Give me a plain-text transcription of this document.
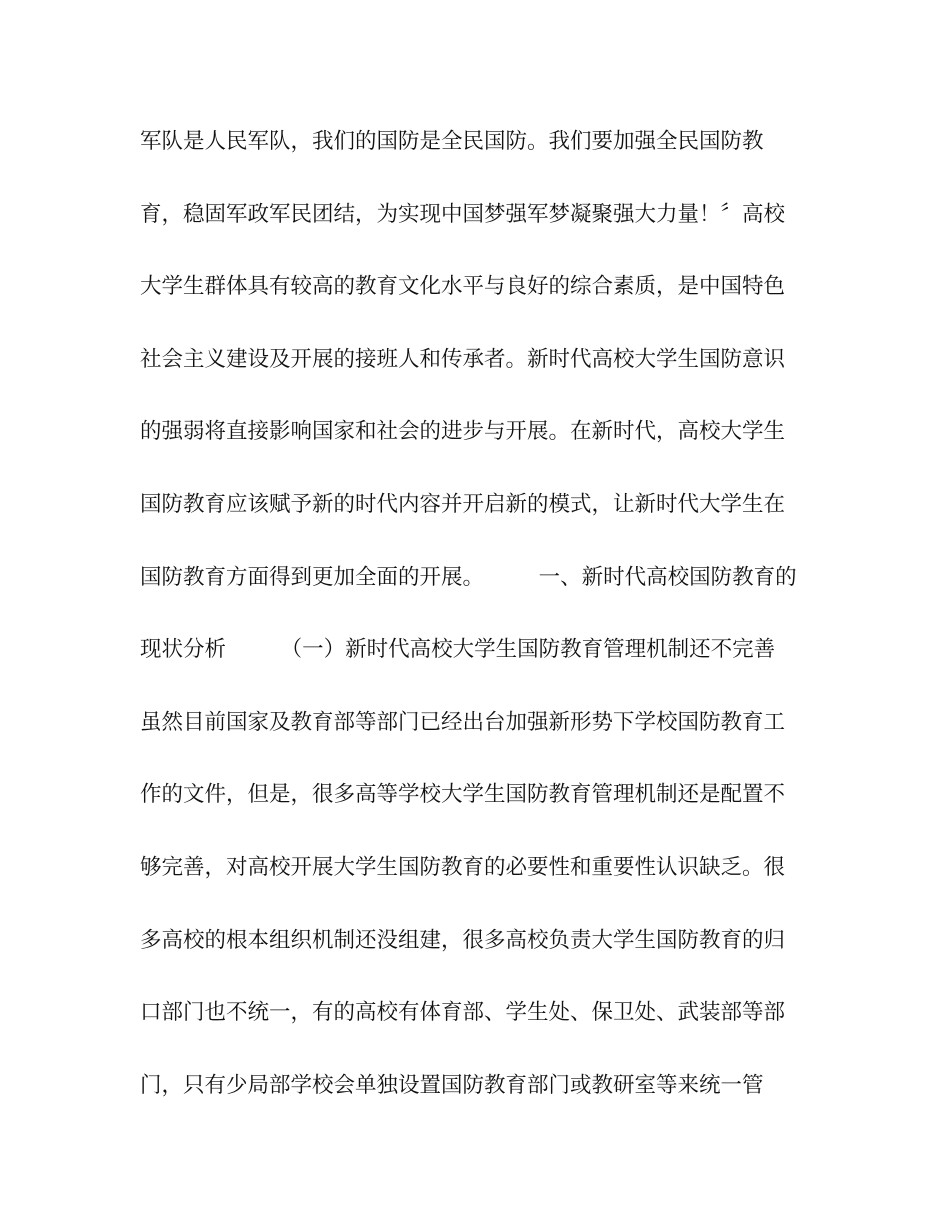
军队是人民军队，我们的国防是全民国防。我们要加强全民国防教
育，稳固军政军民团结，为实现中国梦强军梦凝聚强大力量！〞高校
大学生群体具有较高的教育文化水平与良好的综合素质，是中国特色
社会主义建设及开展的接班人和传承者。新时代高校大学生国防意识
的强弱将直接影响国家和社会的进步与开展。在新时代，高校大学生
国防教育应该赋予新的时代内容并开启新的模式，让新时代大学生在
国防教育方面得到更加全面的开展。        一、新时代高校国防教育的
现状分析        （一）新时代高校大学生国防教育管理机制还不完善
虽然目前国家及教育部等部门已经出台加强新形势下学校国防教育工
作的文件，但是，很多高等学校大学生国防教育管理机制还是配置不
够完善，对高校开展大学生国防教育的必要性和重要性认识缺乏。很
多高校的根本组织机制还没组建，很多高校负责大学生国防教育的归
口部门也不统一，有的高校有体育部、学生处、保卫处、武装部等部
门，只有少局部学校会单独设置国防教育部门或教研室等来统一管
